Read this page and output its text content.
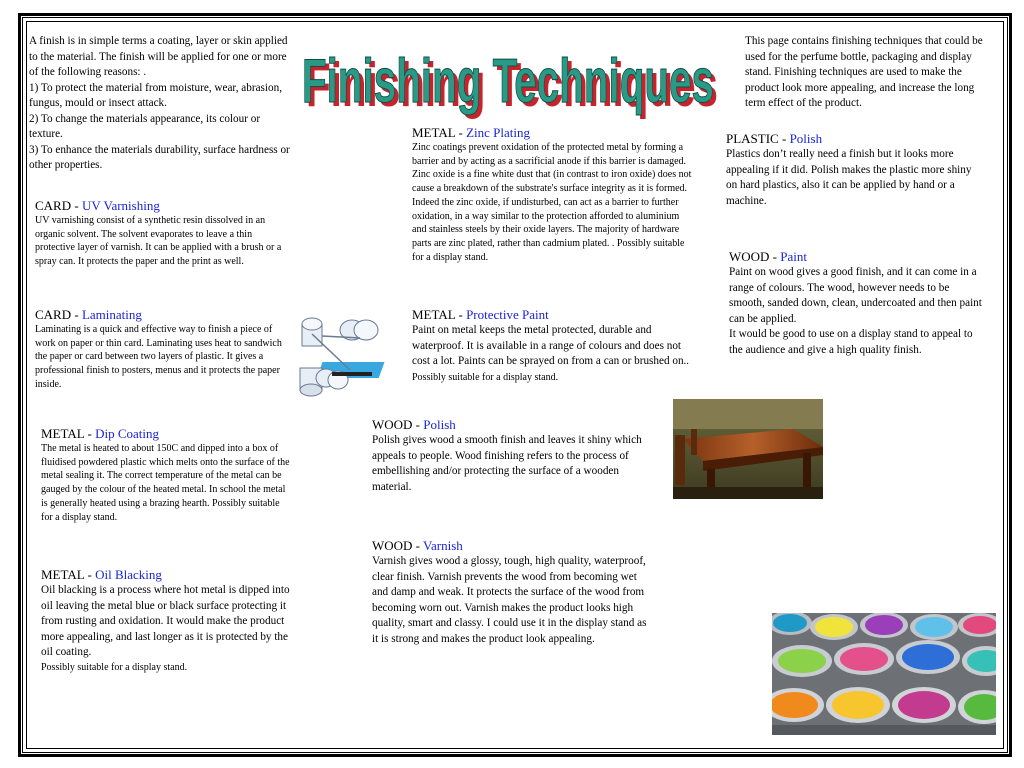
Finishing Techniques
Finishing Techniques

A finish is in simple terms a coating, layer or skin applied to the material. The finish will be applied for one or more of the following reasons: .

1) To protect the material from moisture, wear, abrasion, fungus, mould or insect attack.

2) To change the materials appearance, its colour or texture.

3) To enhance the materials durability, surface hardness or other properties.

This page contains finishing techniques that could be used for the perfume bottle, packaging and display stand. Finishing techniques are used to make the product look more appealing, and increase the long term effect of the product.

CARD - UV Varnishing

UV varnishing consist of a synthetic resin dissolved in an organic solvent. The solvent evaporates to leave a thin protective layer of varnish. It can be applied with a brush or a spray can. It protects the paper and the print as well.

CARD - Laminating

Laminating is a quick and effective way to finish a piece of work on paper or thin card. Laminating uses heat to sandwich the paper or card between two layers of plastic. It gives a professional finish to posters, menus and it protects the paper inside.

METAL - Dip Coating

The metal is heated to about 150C and dipped into a box of fluidised powdered plastic which melts onto the surface of the metal sealing it. The correct temperature of the metal can be gauged by the colour of the heated metal. In school the metal is generally heated using a brazing hearth. Possibly suitable for a display stand.

METAL - Oil Blacking

Oil blacking is a process where hot metal is dipped into oil leaving the metal blue or black surface protecting it from rusting and oxidation. It would make the product more appealing, and last longer as it is protected by the oil coating.

Possibly suitable for a display stand.

METAL - Zinc Plating

Zinc coatings prevent oxidation of the protected metal by forming a barrier and by acting as a sacrificial anode if this barrier is damaged. Zinc oxide is a fine white dust that (in contrast to iron oxide) does not cause a breakdown of the substrate's surface integrity as it is formed. Indeed the zinc oxide, if undisturbed, can act as a barrier to further oxidation, in a way similar to the protection afforded to aluminium and stainless steels by their oxide layers. The majority of hardware parts are zinc plated, rather than cadmium plated. . Possibly suitable for a display stand.

METAL - Protective Paint

Paint on metal keeps the metal protected, durable and waterproof. It is available in a range of colours and does not cost a lot. Paints can be sprayed on from a can or brushed on.. Possibly suitable for a display stand.

WOOD - Polish

Polish gives wood a smooth finish and leaves it shiny which appeals to people. Wood finishing refers to the process of embellishing and/or protecting the surface of a wooden material.

WOOD - Varnish

Varnish gives wood a glossy, tough, high quality, waterproof, clear finish. Varnish prevents the wood from becoming wet and damp and weak. It protects the surface of the wood from becoming worn out. Varnish makes the product looks high quality, smart and classy. I could use it in the display stand as it is strong and makes the product look appealing.

PLASTIC - Polish

Plastics don’t really need a finish but it looks more appealing if it did. Polish makes the plastic more shiny on hard plastics, also it can be applied by hand or a machine.

WOOD - Paint

Paint on wood gives a good finish, and it can come in a range of colours. The wood, however needs to be smooth, sanded down, clean, undercoated and then paint can be applied.

It would be good to use on a display stand to appeal to the audience and give a high quality finish.
